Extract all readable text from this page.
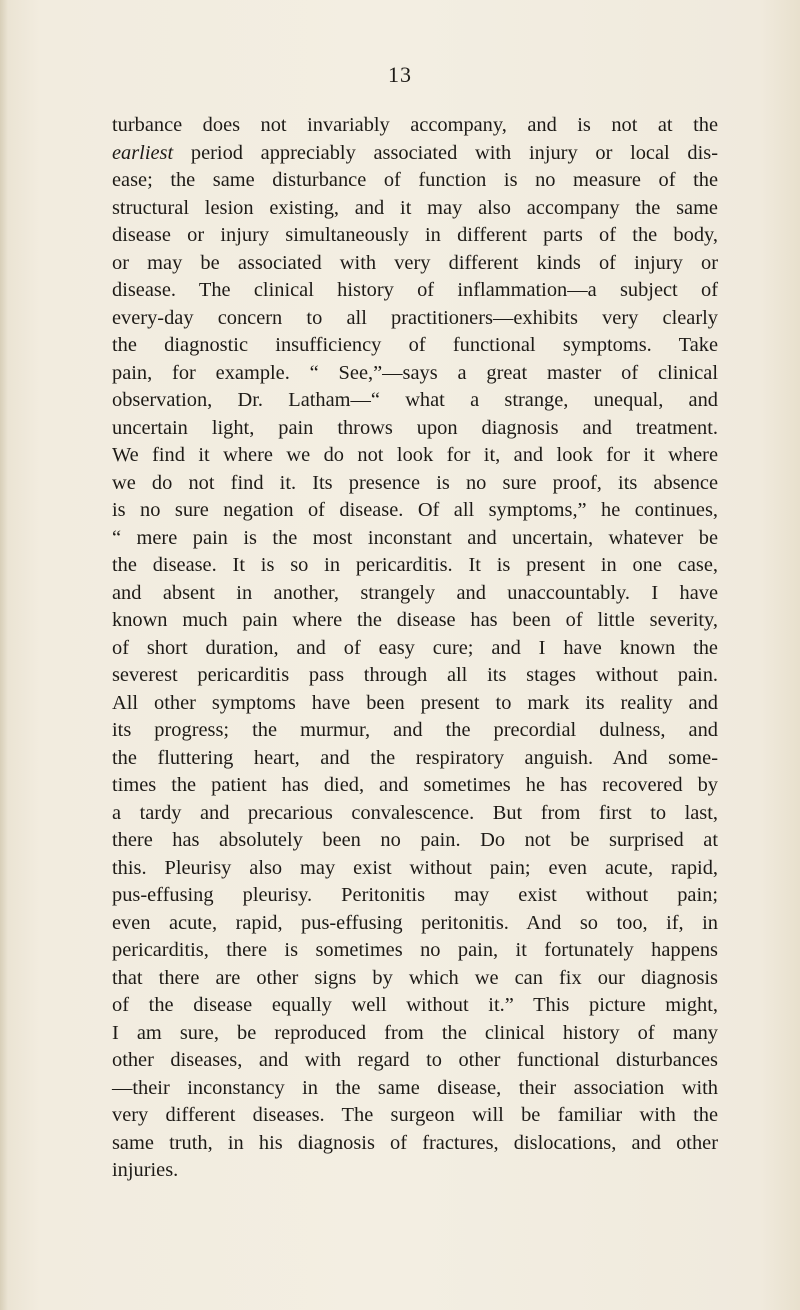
13
turbance does not invariably accompany, and is not at the
earliest period appreciably associated with injury or local dis-
ease; the same disturbance of function is no measure of the
structural lesion existing, and it may also accompany the same
disease or injury simultaneously in different parts of the body,
or may be associated with very different kinds of injury or
disease. The clinical history of inflammation—a subject of
every-day concern to all practitioners—exhibits very clearly
the diagnostic insufficiency of functional symptoms. Take
pain, for example. “ See,”—says a great master of clinical
observation, Dr. Latham—“ what a strange, unequal, and
uncertain light, pain throws upon diagnosis and treatment.
We find it where we do not look for it, and look for it where
we do not find it. Its presence is no sure proof, its absence
is no sure negation of disease. Of all symptoms,” he continues,
“ mere pain is the most inconstant and uncertain, whatever be
the disease. It is so in pericarditis. It is present in one case,
and absent in another, strangely and unaccountably. I have
known much pain where the disease has been of little severity,
of short duration, and of easy cure; and I have known the
severest pericarditis pass through all its stages without pain.
All other symptoms have been present to mark its reality and
its progress; the murmur, and the precordial dulness, and
the fluttering heart, and the respiratory anguish. And some-
times the patient has died, and sometimes he has recovered by
a tardy and precarious convalescence. But from first to last,
there has absolutely been no pain. Do not be surprised at
this. Pleurisy also may exist without pain; even acute, rapid,
pus-effusing pleurisy. Peritonitis may exist without pain;
even acute, rapid, pus-effusing peritonitis. And so too, if, in
pericarditis, there is sometimes no pain, it fortunately happens
that there are other signs by which we can fix our diagnosis
of the disease equally well without it.” This picture might,
I am sure, be reproduced from the clinical history of many
other diseases, and with regard to other functional disturbances
—their inconstancy in the same disease, their association with
very different diseases. The surgeon will be familiar with the
same truth, in his diagnosis of fractures, dislocations, and other
injuries.
